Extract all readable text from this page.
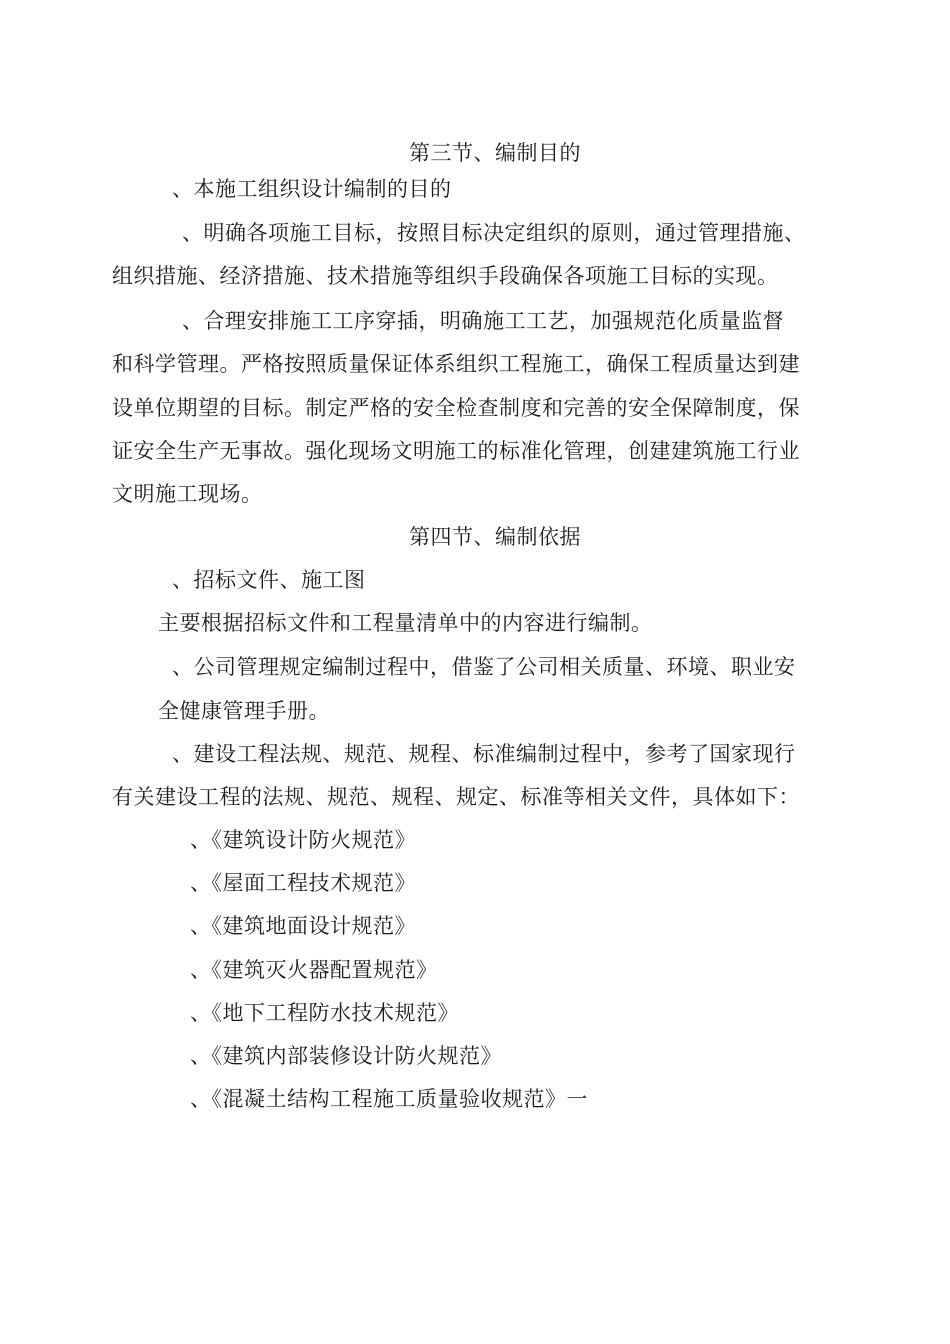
第三节、编制目的
、本施工组织设计编制的目的
、明确各项施工目标，按照目标决定组织的原则，通过管理措施、
组织措施、经济措施、技术措施等组织手段确保各项施工目标的实现。
、合理安排施工工序穿插，明确施工工艺，加强规范化质量监督
和科学管理。严格按照质量保证体系组织工程施工，确保工程质量达到建
设单位期望的目标。制定严格的安全检查制度和完善的安全保障制度，保
证安全生产无事故。强化现场文明施工的标准化管理，创建建筑施工行业
文明施工现场。
第四节、编制依据
、招标文件、施工图
主要根据招标文件和工程量清单中的内容进行编制。
、公司管理规定编制过程中，借鉴了公司相关质量、环境、职业安
全健康管理手册。
、建设工程法规、规范、规程、标准编制过程中，参考了国家现行
有关建设工程的法规、规范、规程、规定、标准等相关文件，具体如下：
、《建筑设计防火规范》
、《屋面工程技术规范》
、《建筑地面设计规范》
、《建筑灭火器配置规范》
、《地下工程防水技术规范》
、《建筑内部装修设计防火规范》
、《混凝土结构工程施工质量验收规范》一
